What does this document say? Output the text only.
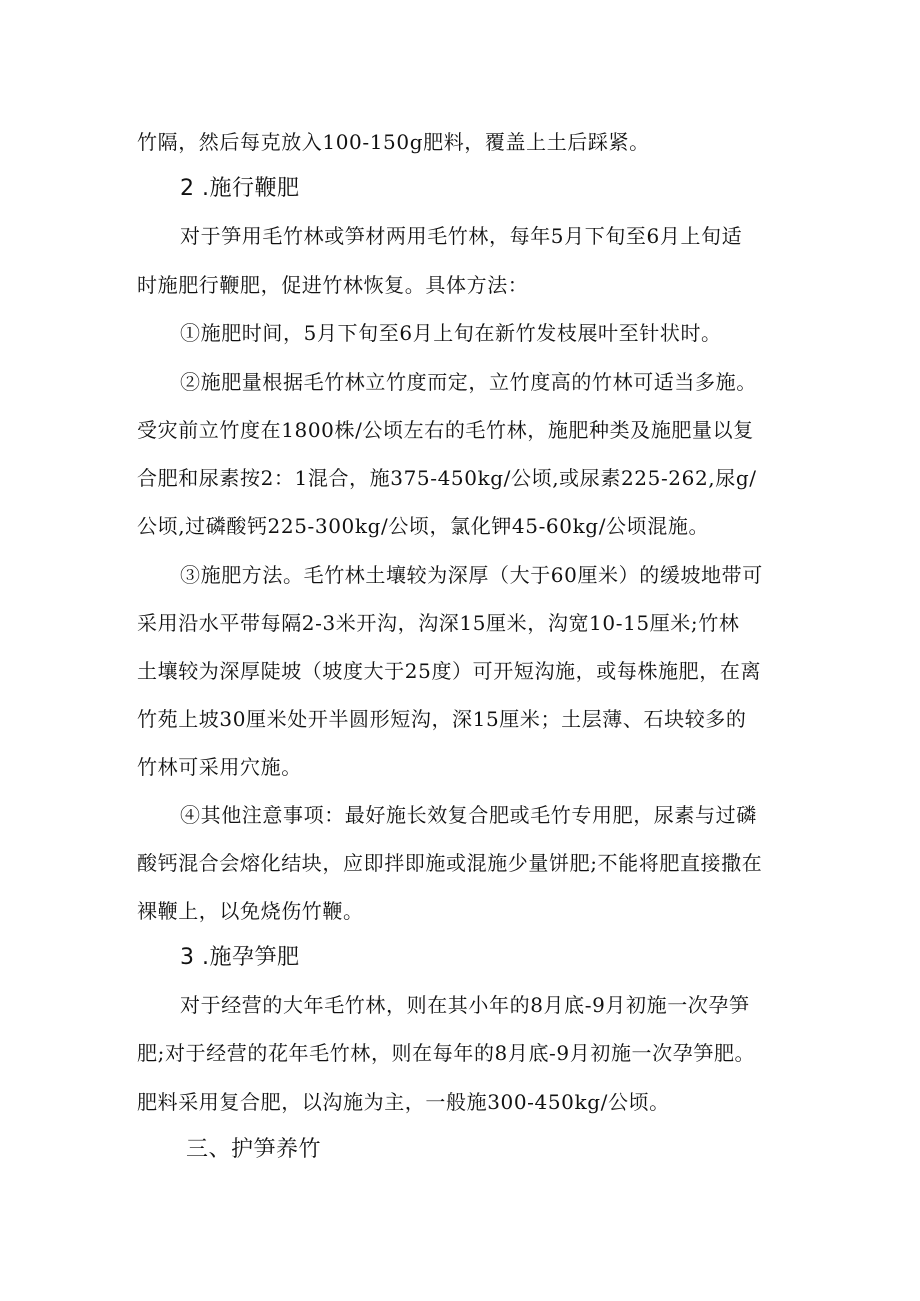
竹隔，然后每克放入100-150g肥料，覆盖上土后踩紧。
2 .施行鞭肥
对于笋用毛竹林或笋材两用毛竹林，每年5月下旬至6月上旬适
时施肥行鞭肥，促进竹林恢复。具体方法：
①施肥时间，5月下旬至6月上旬在新竹发枝展叶至针状时。
②施肥量根据毛竹林立竹度而定，立竹度高的竹林可适当多施。
受灾前立竹度在1800株/公顷左右的毛竹林，施肥种类及施肥量以复
合肥和尿素按2：1混合，施375-450kg/公顷,或尿素225-262,尿g/
公顷,过磷酸钙225-300kg/公顷，氯化钾45-60kg/公顷混施。
③施肥方法。毛竹林土壤较为深厚（大于60厘米）的缓坡地带可
采用沿水平带每隔2-3米开沟，沟深15厘米，沟宽10-15厘米;竹林
土壤较为深厚陡坡（坡度大于25度）可开短沟施，或每株施肥，在离
竹苑上坡30厘米处开半圆形短沟，深15厘米；土层薄、石块较多的
竹林可采用穴施。
④其他注意事项：最好施长效复合肥或毛竹专用肥，尿素与过磷
酸钙混合会熔化结块，应即拌即施或混施少量饼肥;不能将肥直接撒在
裸鞭上，以免烧伤竹鞭。
3 .施孕笋肥
对于经营的大年毛竹林，则在其小年的8月底-9月初施一次孕笋
肥;对于经营的花年毛竹林，则在每年的8月底-9月初施一次孕笋肥。
肥料采用复合肥，以沟施为主，一般施300-450kg/公顷。
三、护笋养竹
